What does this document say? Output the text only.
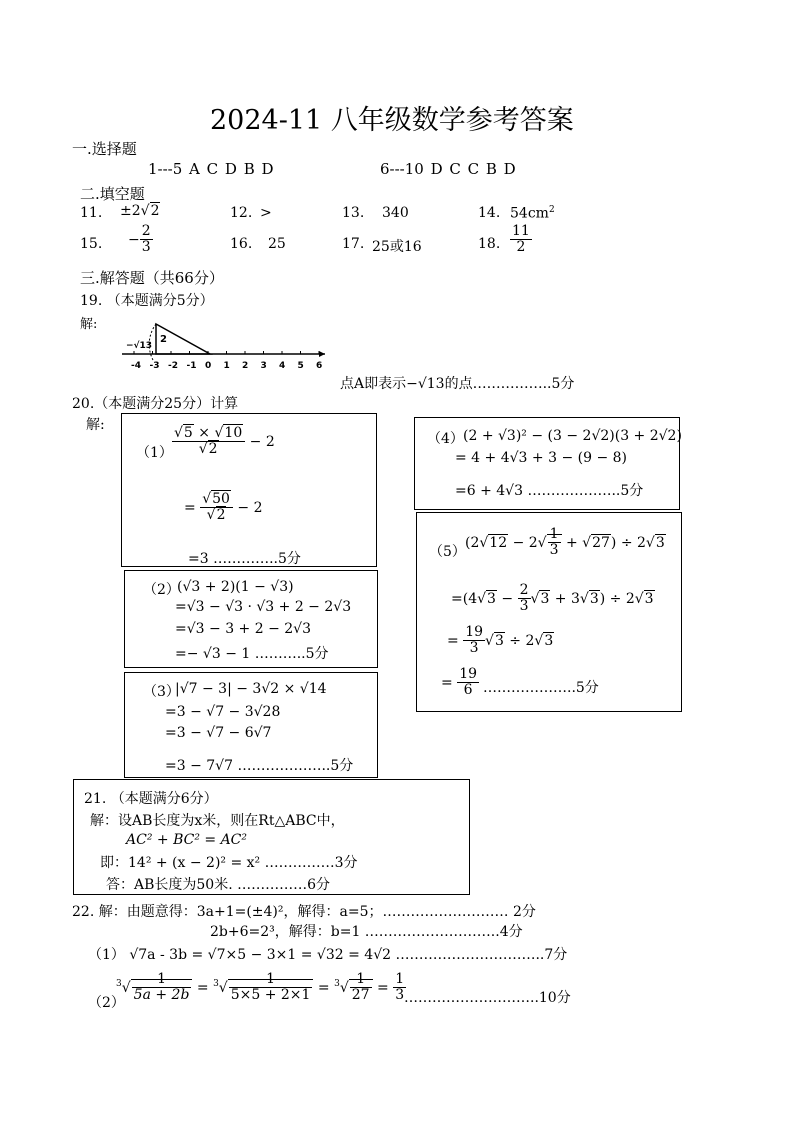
2024-11 八年级数学参考答案
一.选择题
1---5 A C D B D	6---10 D C C B D
二.填空题
11. ±2 √ 2	12. >	13. 340	14. $54cm^2$
15. − $\frac{2}{3}$	16. 25	17. 25或16	18. $\frac{11}{2}$
三.解答题（共66分）
19. （本题满分5分）
解:
2
−√13
-4 -3 -2 -1 0 1 2 3 4 5 6
点A即表示−√13的点……………..5分
20.（本题满分25分）计算
解:
（1） √ 5 × √ 10
√ 2 − 2
= √ 50
√ 2 − 2
=3 …………..5分
（2）
(√3 + 2)(1 − √3)
=√3 − √3 · √3 + 2 − 2√3
=√3 − 3 + 2 − 2√3
=− √3 − 1 ………..5分
（3）
|√7 − 3| − 3√2 × √14
=3 − √7 − 3√28
=3 − √7 − 6√7
=3 − 7√7 ………………..5分
（4） (2 + √3)² − (3 − 2√2)(3 + 2√2)
= 4 + 4√3 + 3 − (9 − 8)
=6 + 4√3 ………………..5分
（5）
(2 √ $12 - 2√ \frac{1}{3}$ + √ 27) ÷ 2 √ 3
=(4 √ $3 - \frac{2}{3}$ √ 3 + 3 √ 3) ÷ 2 √ 3
= $\frac{19}{3}$ √ 3 ÷ 2 √ 3
= $\frac{19}{6}$ ………………..5分
21. （本题满分6分）
解：设AB长度为x米，则在Rt△ABC中，
AC² + BC² = AC²
即：14² + (x − 2)² = x² ……………3分
答：AB长度为50米. ……………6分
22. 解：由题意得：3a+1=(±4)²，解得：a=5；……………………… 2分
2b+6=2³，解得：b=1 ………………………..4分
（1） √7a - 3b = √7×5 − 3×1 = √32 = 4√2 …………………………..7分
（2）
$^3√ \frac{1}{5a + 2b} = ^3√ \frac{1}{5\times 5 + 2\times 1} = ^3√ \frac{1}{27} = \frac{1}{3}$
………………………..10分
